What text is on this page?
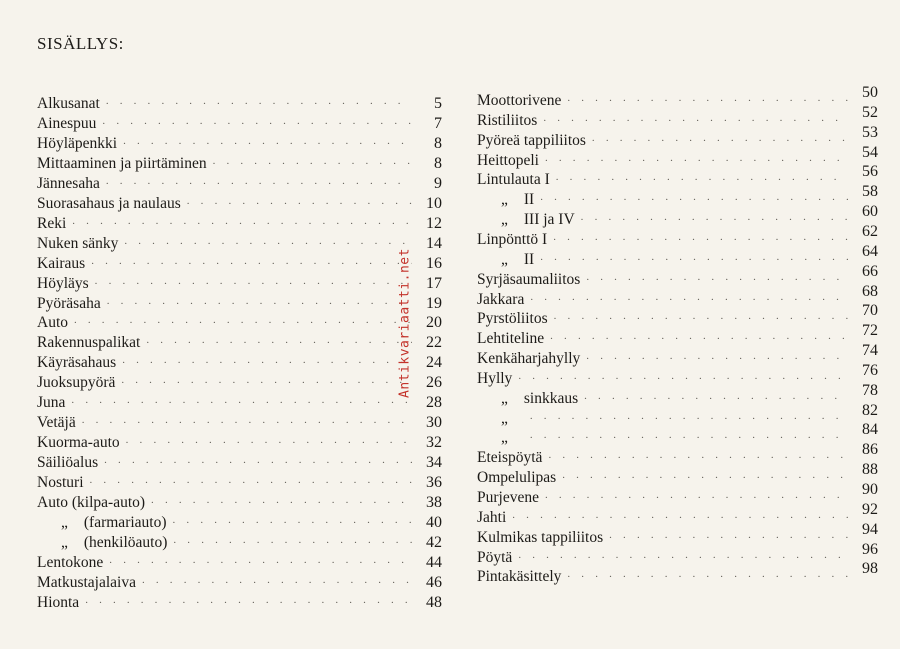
SISÄLLYS:
Alkusanat . . .	5
Ainespuu . . .	7
Höyläpenkki . . .	8
Mittaaminen ja piirtäminen . . .	8
Jännesaha . . .	9
Suorasahaus ja naulaus . . .	10
Reki . . .	12
Nuken sänky . . .	14
Kairaus . . .	16
Höyläys . . .	17
Pyöräsaha . . .	19
Auto . . .	20
Rakennuspalikat . . .	22
Käyräsahaus . . .	24
Juoksupyörä . . .	26
Juna . . .	28
Vetäjä . . .	30
Kuorma-auto . . .	32
Säiliöalus . . .	34
Nosturi . . .	36
Auto (kilpa-auto) . . .	38
„ (farmariauto) . . .	40
„ (henkilöauto) . . .	42
Lentokone . . .	44
Matkustajalaiva . . .	46
Hionta . . .	48
Moottorivene . . .	50
Ristiliitos . . .	52
Pyöreä tappiliitos . . .	53
Heittopeli . . .	54
Lintulauta I . . .	56
„ II . . .	58
„ III ja IV . . .	60
Linpönttö I . . .	62
„ II . . .	64
Syrjäsaumaliitos . . .	66
Jakkara . . .	68
Pyrstöliitos . . .	70
Lehtiteline . . .	72
Kenkäharjahylly . . .	74
Hylly . . .	76
„ sinkkaus . . .	78
„ . . .	82
„ . . .	84
Eteispöytä . . .	86
Ompelulipas . . .	88
Purjevene . . .	90
Jahti . . .	92
Kulmikas tappiliitos . . .	94
Pöytä . . .	96
Pintakäsittely . . .	98
Antikvariaatti.net
